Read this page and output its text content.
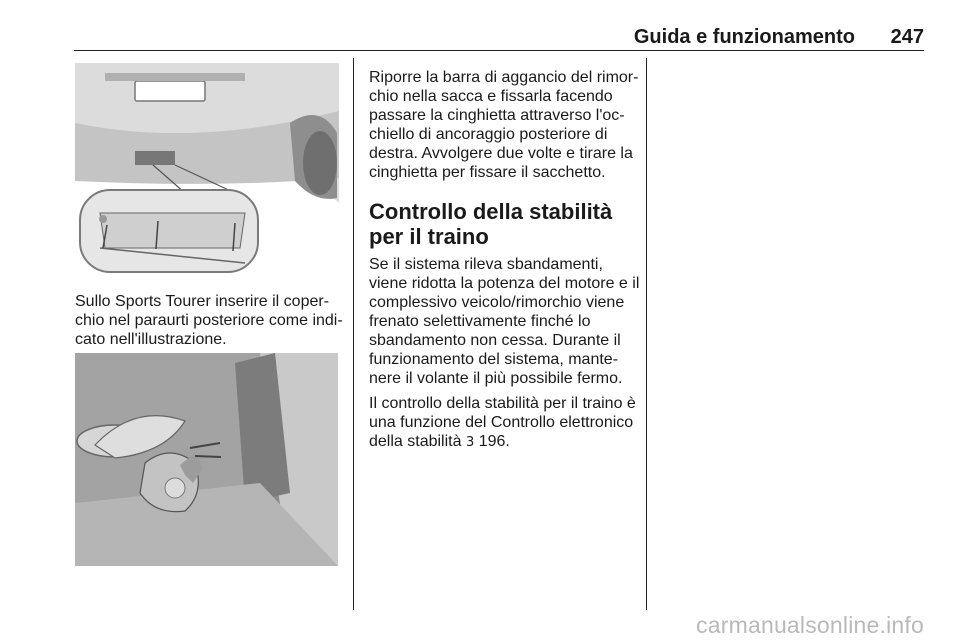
Guida e funzionamento 247

Sullo Sports Tourer inserire il coper- chio nel paraurti posteriore come indi- cato nell'illustrazione.

Riporre la barra di aggancio del rimor- chio nella sacca e fissarla facendo passare la cinghietta attraverso l'oc- chiello di ancoraggio posteriore di destra. Avvolgere due volte e tirare la cinghietta per fissare il sacchetto.

Controllo della stabilità per il traino

Se il sistema rileva sbandamenti, viene ridotta la potenza del motore e il complessivo veicolo/rimorchio viene frenato selettivamente finché lo sbandamento non cessa. Durante il funzionamento del sistema, mante- nere il volante il più possibile fermo.

Il controllo della stabilità per il traino è una funzione del Controllo elettronico della stabilità 3 196.

carmanualsonline.info
